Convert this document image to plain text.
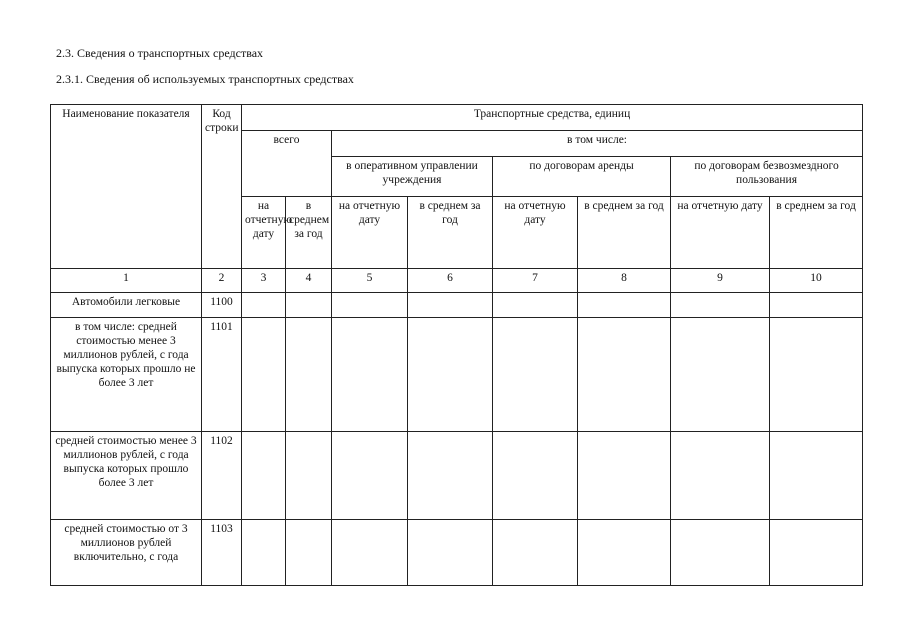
2.3. Сведения о транспортных средствах
2.3.1. Сведения об используемых транспортных средствах
Наименование показателя	Код строки	Транспортные средства, единиц							
		всего		в том числе:					
				в оперативном управлении учреждения		по договорам аренды		по договорам безвозмездного пользования	
		на отчетную дату	в среднем за год	на отчетную дату	в среднем за год	на отчетную дату	в среднем за год	на отчетную дату	в среднем за год
1	2	3	4	5	6	7	8	9	10
Автомобили легковые	1100								
в том числе: средней стоимостью менее 3 миллионов рублей, с года выпуска которых прошло не более 3 лет	1101								
средней стоимостью менее 3 миллионов рублей, с года выпуска которых прошло более 3 лет	1102								
средней стоимостью от 3 миллионов рублей включительно, с года	1103								
